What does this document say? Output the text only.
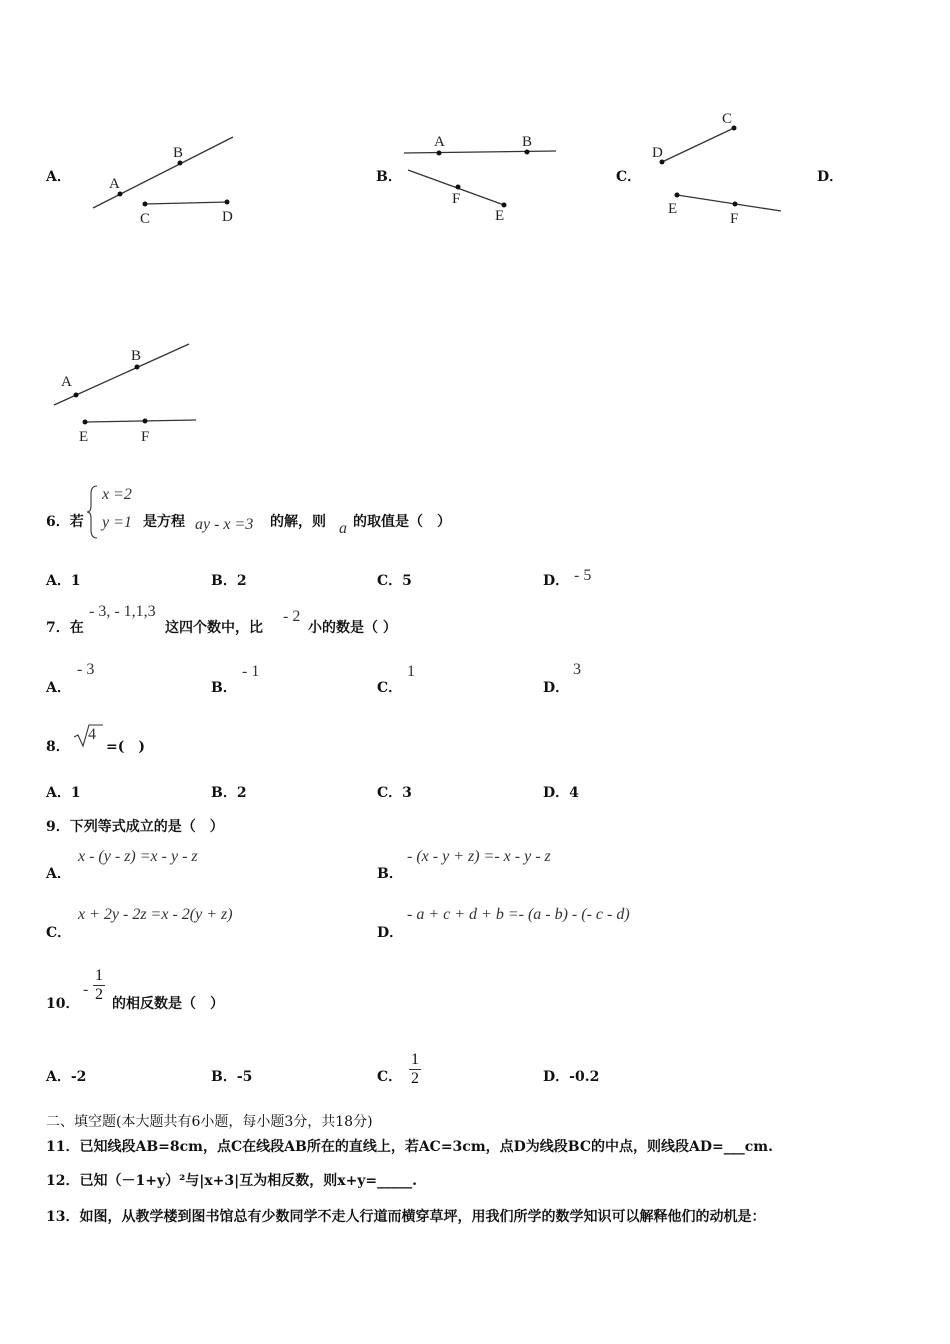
A．	A
B
C	D
B．
A	B
F
E
C．
C
D
E
F
D．
A
B
E	F
6．若
x =2
y =1 是方程 ay - x =3 的解，则 a 的取值是（　）
A．1	B．2	C．5	D． - 5
7．在
- 3, - 1,1,3
这四个数中，比
- 2
小的数是（ ）
A．
- 3
B．
- 1
C．
1
D．
3
8．
4
=(　)
A．1	B．2	C．3	D．4
9．下列等式成立的是（　）
A．
x - (y - z) =x - y - z
B．
- (x - y + z) =- x - y - z
C．
x + 2y - 2z =x - 2(y + z)
D．
- a + c + d + b =- (a - b) - (- c - d)
10．
- $\frac{1}{2}$ 的相反数是（　）
A．-2	B．-5	C． $\frac{1}{2}$	D．-0.2
二、填空题(本大题共有6小题，每小题3分，共18分)
11．已知线段AB=8cm，点C在线段AB所在的直线上，若AC=3cm，点D为线段BC的中点，则线段AD=___cm.
12．已知（－1+y）²与|x+3|互为相反数，则x+y=_____.
13．如图，从教学楼到图书馆总有少数同学不走人行道而横穿草坪，用我们所学的数学知识可以解释他们的动机是：
